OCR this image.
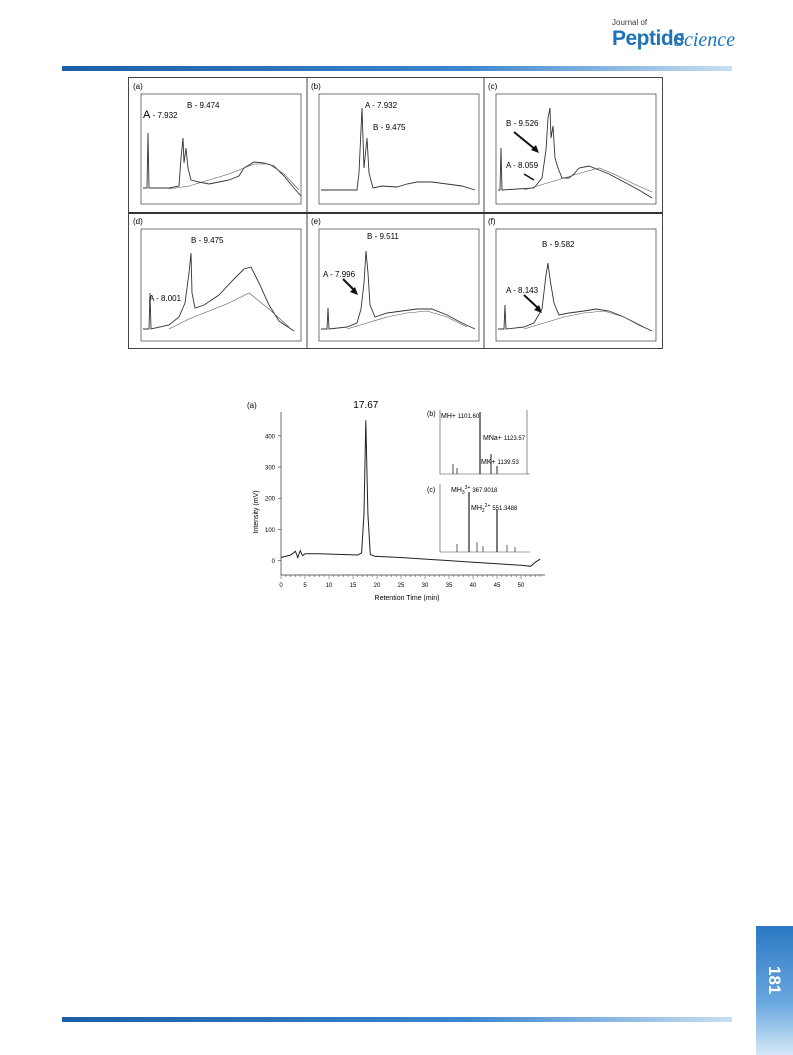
Journal of
Peptide
Science
(a)
A - 7.932
B - 9.474
(b)
A - 7.932
B - 9.475
(c)
B - 9.526
A - 8.059
(d)
A - 8.001
B - 9.475
(e)
A - 7.996
B - 9.511
(f)
A - 8.143
B - 9.582
(a)
Intensity (mV)
Retention Time (min)
17.67
0
100
200
300
400
0	5	10	15	20	25	30	35	40	45	50
(b) MH+ 1101.60
MNa+ 1123.57
MK+ 1139.53
(c) $MH_3^{3+}$ 367.9018
$MH_2^{2+}$ 551.3488
181
